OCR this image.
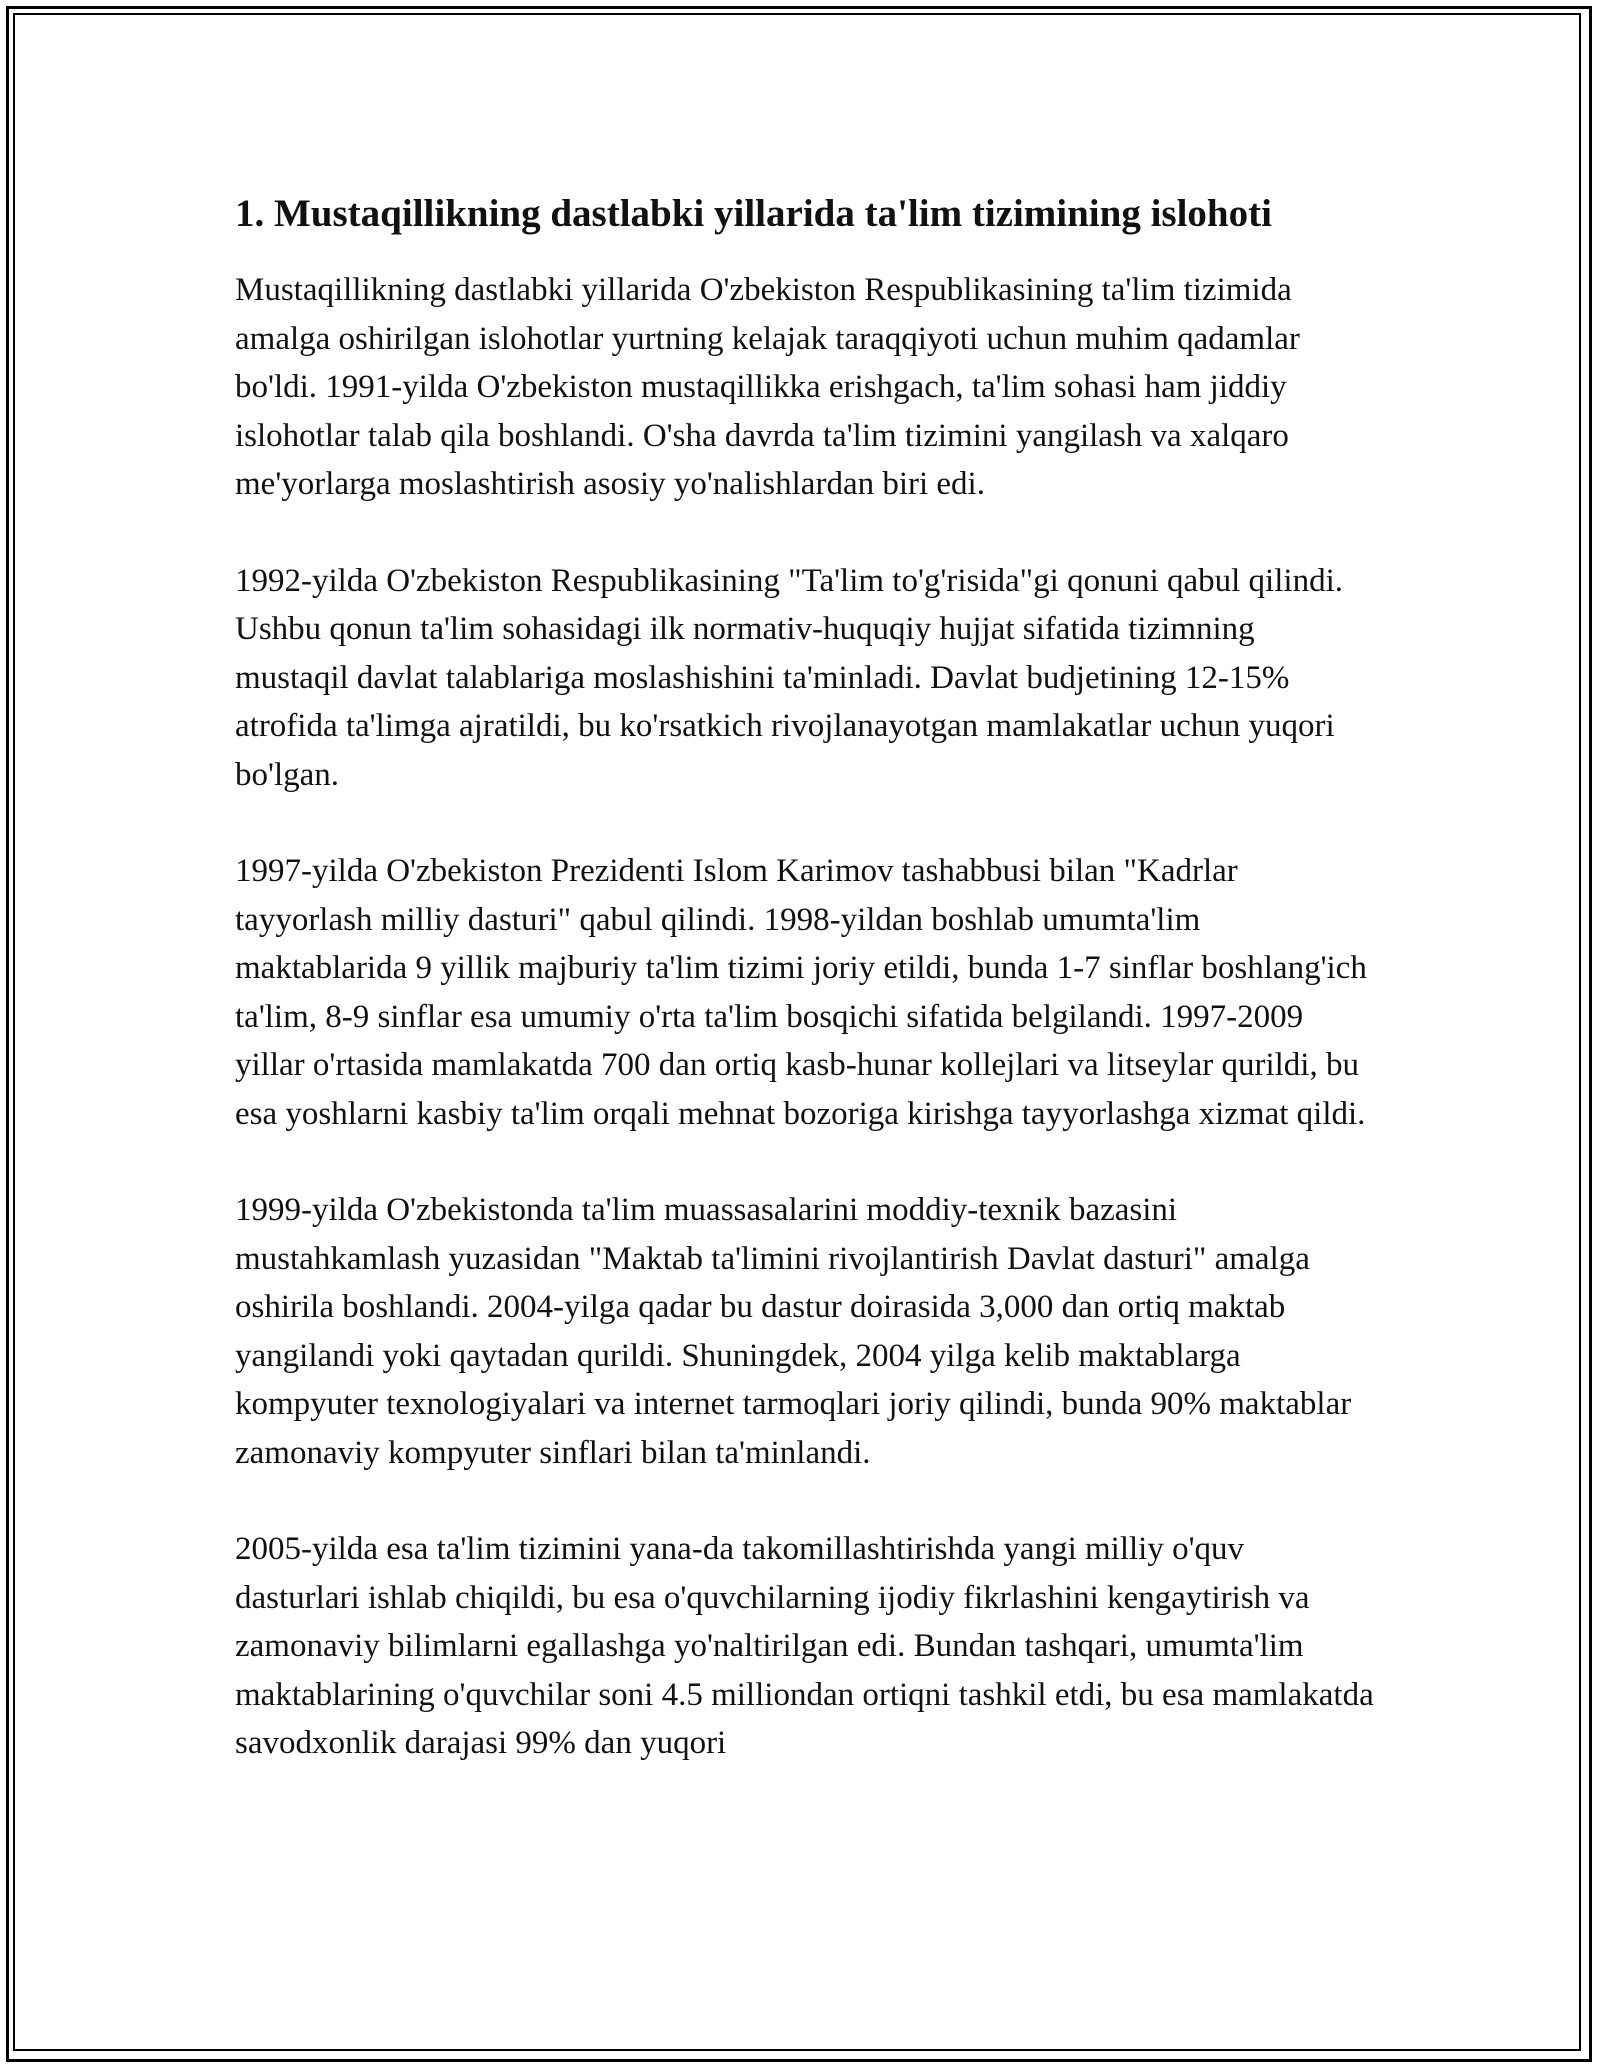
1. Mustaqillikning dastlabki yillarida ta'lim tizimining islohoti

Mustaqillikning dastlabki yillarida O'zbekiston Respublikasining ta'lim tizimida amalga oshirilgan islohotlar yurtning kelajak taraqqiyoti uchun muhim qadamlar bo'ldi. 1991-yilda O'zbekiston mustaqillikka erishgach, ta'lim sohasi ham jiddiy islohotlar talab qila boshlandi. O'sha davrda ta'lim tizimini yangilash va xalqaro me'yorlarga moslashtirish asosiy yo'nalishlardan biri edi.

1992-yilda O'zbekiston Respublikasining "Ta'lim to'g'risida"gi qonuni qabul qilindi. Ushbu qonun ta'lim sohasidagi ilk normativ-huquqiy hujjat sifatida tizimning mustaqil davlat talablariga moslashishini ta'minladi. Davlat budjetining 12-15% atrofida ta'limga ajratildi, bu ko'rsatkich rivojlanayotgan mamlakatlar uchun yuqori bo'lgan.

1997-yilda O'zbekiston Prezidenti Islom Karimov tashabbusi bilan "Kadrlar tayyorlash milliy dasturi" qabul qilindi. 1998-yildan boshlab umumta'lim maktablarida 9 yillik majburiy ta'lim tizimi joriy etildi, bunda 1-7 sinflar boshlang'ich ta'lim, 8-9 sinflar esa umumiy o'rta ta'lim bosqichi sifatida belgilandi. 1997-2009 yillar o'rtasida mamlakatda 700 dan ortiq kasb-hunar kollejlari va litseylar qurildi, bu esa yoshlarni kasbiy ta'lim orqali mehnat bozoriga kirishga tayyorlashga xizmat qildi.

1999-yilda O'zbekistonda ta'lim muassasalarini moddiy-texnik bazasini mustahkamlash yuzasidan "Maktab ta'limini rivojlantirish Davlat dasturi" amalga oshirila boshlandi. 2004-yilga qadar bu dastur doirasida 3,000 dan ortiq maktab yangilandi yoki qaytadan qurildi. Shuningdek, 2004 yilga kelib maktablarga kompyuter texnologiyalari va internet tarmoqlari joriy qilindi, bunda 90% maktablar zamonaviy kompyuter sinflari bilan ta'minlandi.

2005-yilda esa ta'lim tizimini yana-da takomillashtirishda yangi milliy o'quv dasturlari ishlab chiqildi, bu esa o'quvchilarning ijodiy fikrlashini kengaytirish va zamonaviy bilimlarni egallashga yo'naltirilgan edi. Bundan tashqari, umumta'lim maktablarining o'quvchilar soni 4.5 milliondan ortiqni tashkil etdi, bu esa mamlakatda savodxonlik darajasi 99% dan yuqori
